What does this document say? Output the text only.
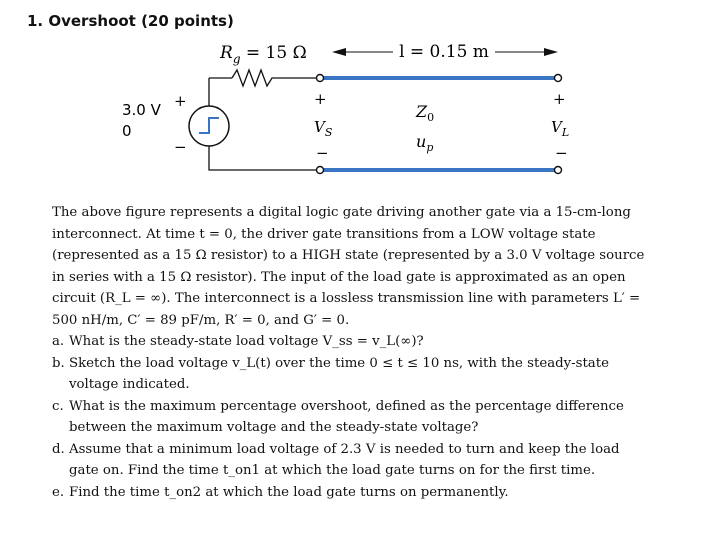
1. Overshoot (20 points)
$R_g = 15$ Ω	l = 0.15 m
3.0 V
0
+
−
+
$V_S$
−
$Z_0$
$u_p$
+
$V_L$
−

The above figure represents a digital logic gate driving another gate via a 15-cm-long interconnect. At time t = 0, the driver gate transitions from a LOW voltage state (represented as a 15 Ω resistor) to a HIGH state (represented by a 3.0 V voltage source in series with a 15 Ω resistor). The input of the load gate is approximated as an open circuit (R_L = ∞). The interconnect is a lossless transmission line with parameters L′ = 500 nH/m, C′ = 89 pF/m, R′ = 0, and G′ = 0.

a. What is the steady-state load voltage V_ss = v_L(∞)?

b. Sketch the load voltage v_L(t) over the time 0 ≤ t ≤ 10 ns, with the steady-state voltage indicated.

c. What is the maximum percentage overshoot, defined as the percentage difference between the maximum voltage and the steady-state voltage?

d. Assume that a minimum load voltage of 2.3 V is needed to turn and keep the load gate on. Find the time t_on1 at which the load gate turns on for the first time.

e. Find the time t_on2 at which the load gate turns on permanently.
